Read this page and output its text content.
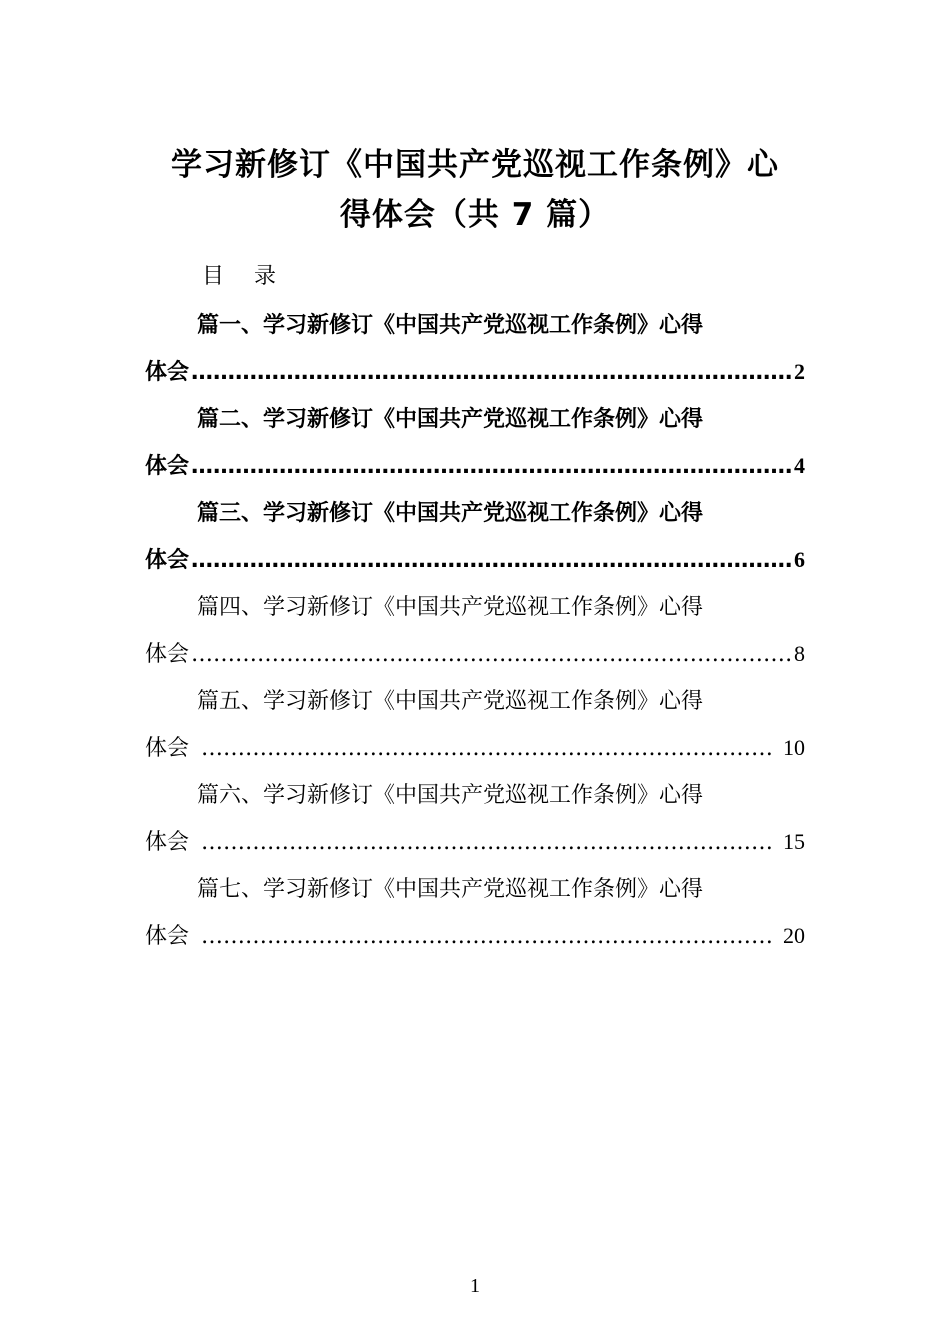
学习新修订《中国共产党巡视工作条例》心
得体会（共 7 篇）
目 录
篇一、学习新修订《中国共产党巡视工作条例》心得
体会 ………………………………………………………………………………………………………………………………………………………………………………	2
篇二、学习新修订《中国共产党巡视工作条例》心得
体会 ………………………………………………………………………………………………………………………………………………………………………………	4
篇三、学习新修订《中国共产党巡视工作条例》心得
体会 ………………………………………………………………………………………………………………………………………………………………………………	6
篇四、学习新修订《中国共产党巡视工作条例》心得
体会 ………………………………………………………………………………………………………………………………………………………………………………	8
篇五、学习新修订《中国共产党巡视工作条例》心得
体会 ………………………………………………………………………………………………………………………………………………………………………………	10
篇六、学习新修订《中国共产党巡视工作条例》心得
体会 ………………………………………………………………………………………………………………………………………………………………………………	15
篇七、学习新修订《中国共产党巡视工作条例》心得
体会 ………………………………………………………………………………………………………………………………………………………………………………	20
1
